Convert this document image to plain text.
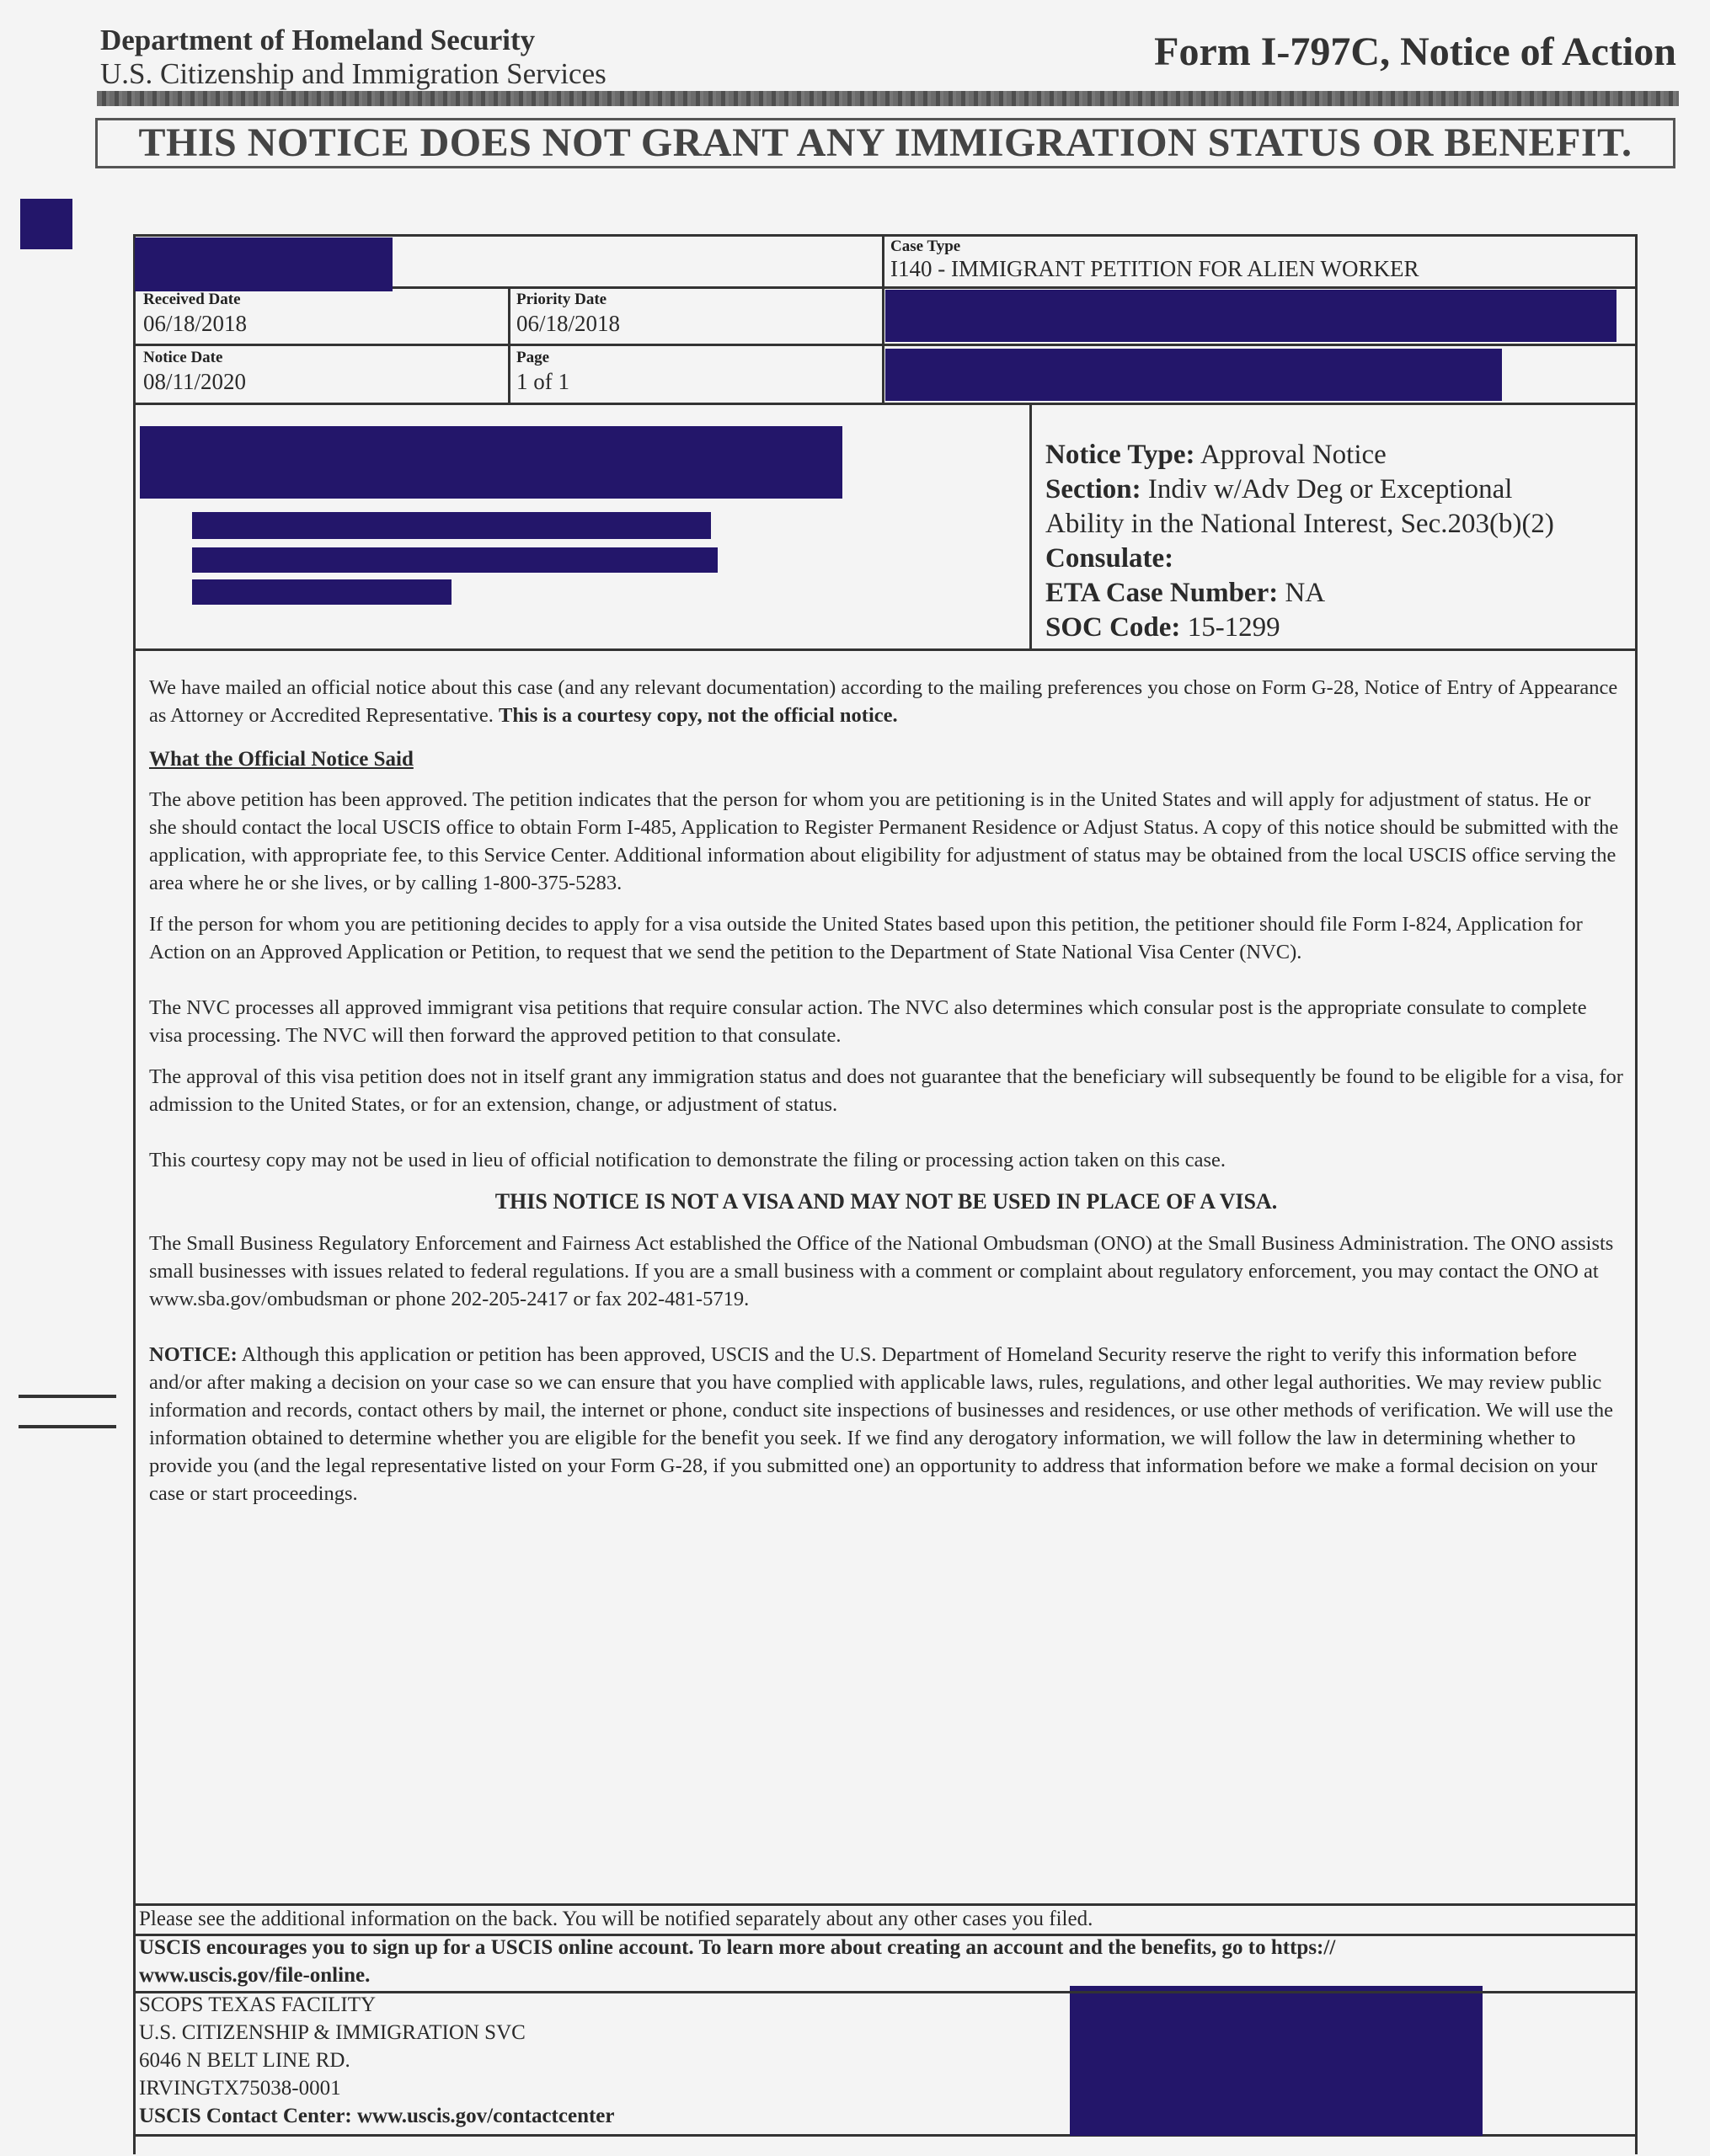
Department of Homeland Security
U.S. Citizenship and Immigration Services	Form I-797C, Notice of Action
THIS NOTICE DOES NOT GRANT ANY IMMIGRATION STATUS OR BENEFIT.
Case Type
I140 - IMMIGRANT PETITION FOR ALIEN WORKER
Received Date
06/18/2018
Priority Date
06/18/2018
Notice Date
08/11/2020
Page
1 of 1
Notice Type: Approval Notice
Section: Indiv w/Adv Deg or Exceptional
Ability in the National Interest, Sec.203(b)(2)
Consulate:
ETA Case Number: NA
SOC Code: 15-1299
We have mailed an official notice about this case (and any relevant documentation) according to the mailing preferences you chose on Form G-28, Notice of Entry of Appearance as Attorney or Accredited Representative. This is a courtesy copy, not the official notice.
What the Official Notice Said
The above petition has been approved. The petition indicates that the person for whom you are petitioning is in the United States and will apply for adjustment of status. He or she should contact the local USCIS office to obtain Form I-485, Application to Register Permanent Residence or Adjust Status. A copy of this notice should be submitted with the application, with appropriate fee, to this Service Center. Additional information about eligibility for adjustment of status may be obtained from the local USCIS office serving the area where he or she lives, or by calling 1-800-375-5283.
If the person for whom you are petitioning decides to apply for a visa outside the United States based upon this petition, the petitioner should file Form I-824, Application for Action on an Approved Application or Petition, to request that we send the petition to the Department of State National Visa Center (NVC).
The NVC processes all approved immigrant visa petitions that require consular action. The NVC also determines which consular post is the appropriate consulate to complete visa processing. The NVC will then forward the approved petition to that consulate.
The approval of this visa petition does not in itself grant any immigration status and does not guarantee that the beneficiary will subsequently be found to be eligible for a visa, for admission to the United States, or for an extension, change, or adjustment of status.
This courtesy copy may not be used in lieu of official notification to demonstrate the filing or processing action taken on this case.
THIS NOTICE IS NOT A VISA AND MAY NOT BE USED IN PLACE OF A VISA.
The Small Business Regulatory Enforcement and Fairness Act established the Office of the National Ombudsman (ONO) at the Small Business Administration. The ONO assists small businesses with issues related to federal regulations. If you are a small business with a comment or complaint about regulatory enforcement, you may contact the ONO at www.sba.gov/ombudsman or phone 202-205-2417 or fax 202-481-5719.
NOTICE: Although this application or petition has been approved, USCIS and the U.S. Department of Homeland Security reserve the right to verify this information before and/or after making a decision on your case so we can ensure that you have complied with applicable laws, rules, regulations, and other legal authorities. We may review public information and records, contact others by mail, the internet or phone, conduct site inspections of businesses and residences, or use other methods of verification. We will use the information obtained to determine whether you are eligible for the benefit you seek. If we find any derogatory information, we will follow the law in determining whether to provide you (and the legal representative listed on your Form G-28, if you submitted one) an opportunity to address that information before we make a formal decision on your case or start proceedings.
Please see the additional information on the back. You will be notified separately about any other cases you filed.
USCIS encourages you to sign up for a USCIS online account. To learn more about creating an account and the benefits, go to https://
www.uscis.gov/file-online.
SCOPS TEXAS FACILITY
U.S. CITIZENSHIP & IMMIGRATION SVC
6046 N BELT LINE RD.
IRVINGTX75038-0001
USCIS Contact Center: www.uscis.gov/contactcenter
